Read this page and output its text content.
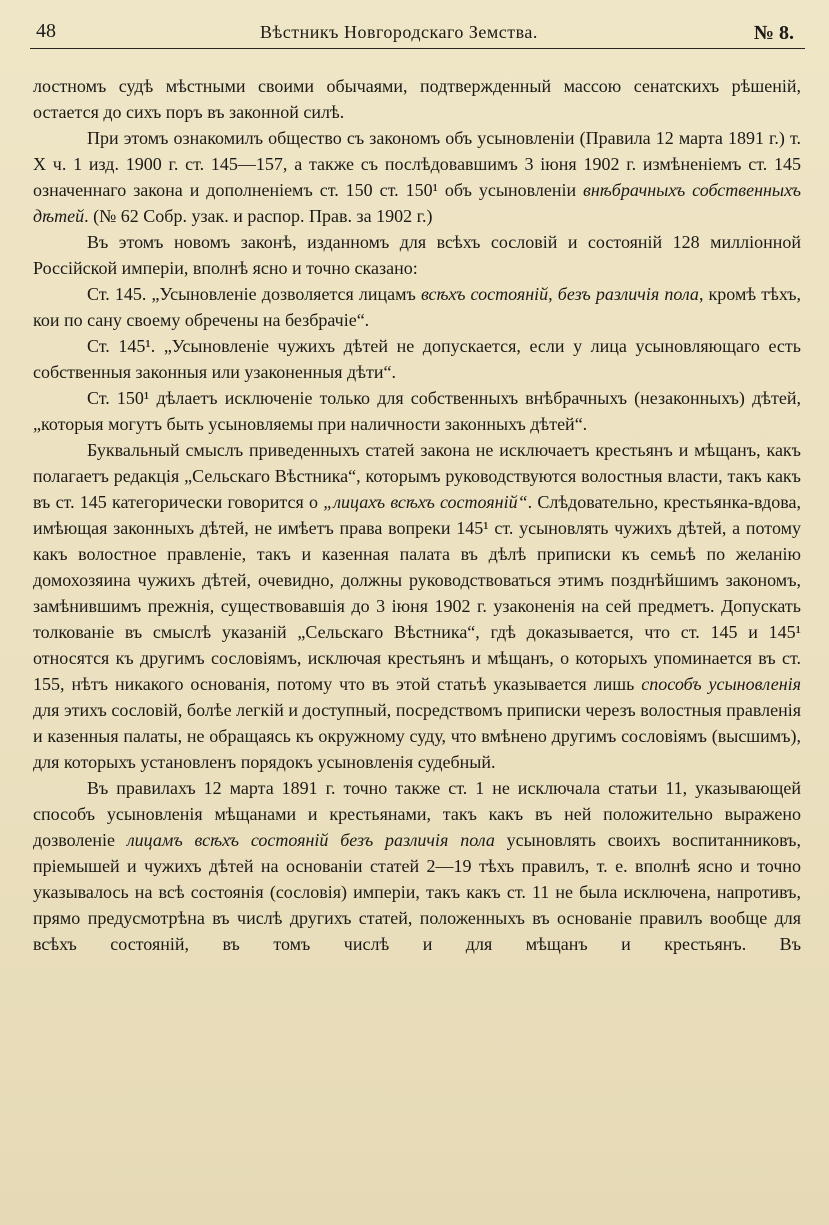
48	Вѣстникъ Новгородскаго Земства.	№ 8.

лостномъ судѣ мѣстными своими обычаями, подтвержденный массою сенатскихъ рѣшеній, остается до сихъ поръ въ законной силѣ.

При этомъ ознакомилъ общество съ закономъ объ усыновленіи (Правила 12 марта 1891 г.) т. X ч. 1 изд. 1900 г. ст. 145—157, а также съ послѣдовавшимъ 3 іюня 1902 г. измѣненіемъ ст. 145 означеннаго закона и дополненіемъ ст. 150 ст. 150¹ объ усыновленіи внѣбрачныхъ собственныхъ дѣтей. (№ 62 Собр. узак. и распор. Прав. за 1902 г.)

Въ этомъ новомъ законѣ, изданномъ для всѣхъ сословій и состояній 128 милліонной Россійской имперіи, вполнѣ ясно и точно сказано:

Ст. 145. „Усыновленіе дозволяется лицамъ всѣхъ состояній, безъ различія пола, кромѣ тѣхъ, кои по сану своему обречены на безбрачіе“.

Ст. 145¹. „Усыновленіе чужихъ дѣтей не допускается, если у лица усыновляющаго есть собственныя законныя или узаконенныя дѣти“.

Ст. 150¹ дѣлаетъ исключеніе только для собственныхъ внѣбрачныхъ (незаконныхъ) дѣтей, „которыя могутъ быть усыновляемы при наличности законныхъ дѣтей“.

Буквальный смыслъ приведенныхъ статей закона не исключаетъ крестьянъ и мѣщанъ, какъ полагаетъ редакція „Сельскаго Вѣстника“, которымъ руководствуются волостныя власти, такъ какъ въ ст. 145 категорически говорится о „лицахъ всѣхъ состояній“. Слѣдовательно, крестьянка-вдова, имѣющая законныхъ дѣтей, не имѣетъ права вопреки 145¹ ст. усыновлять чужихъ дѣтей, а потому какъ волостное правленіе, такъ и казенная палата въ дѣлѣ приписки къ семьѣ по желанію домохозяина чужихъ дѣтей, очевидно, должны руководствоваться этимъ позднѣйшимъ закономъ, замѣнившимъ прежнія, существовавшія до 3 іюня 1902 г. узаконенія на сей предметъ. Допускать толкованіе въ смыслѣ указаній „Сельскаго Вѣстника“, гдѣ доказывается, что ст. 145 и 145¹ относятся къ другимъ сословіямъ, исключая крестьянъ и мѣщанъ, о которыхъ упоминается въ ст. 155, нѣтъ никакого основанія, потому что въ этой статьѣ указывается лишь способъ усыновленія для этихъ сословій, болѣе легкій и доступный, посредствомъ приписки черезъ волостныя правленія и казенныя палаты, не обращаясь къ окружному суду, что вмѣнено другимъ сословіямъ (высшимъ), для которыхъ установленъ порядокъ усыновленія судебный.

Въ правилахъ 12 марта 1891 г. точно также ст. 1 не исключала статьи 11, указывающей способъ усыновленія мѣщанами и крестьянами, такъ какъ въ ней положительно выражено дозволеніе лицамъ всѣхъ состояній безъ различія пола усыновлять своихъ воспитанниковъ, пріемышей и чужихъ дѣтей на основаніи статей 2—19 тѣхъ правилъ, т. е. вполнѣ ясно и точно указывалось на всѣ состоянія (сословія) имперіи, такъ какъ ст. 11 не была исключена, напротивъ, прямо предусмотрѣна въ числѣ другихъ статей, положенныхъ въ основаніе правилъ вообще для всѣхъ состояній, въ томъ числѣ и для мѣщанъ и крестьянъ. Въ
